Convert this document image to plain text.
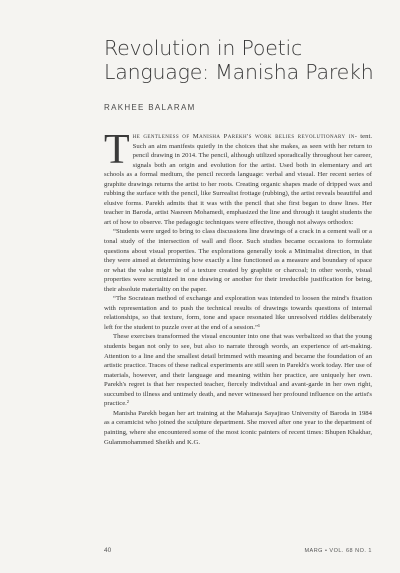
Revolution in Poetic Language: Manisha Parekh
RAKHEE BALARAM

T he gentleness of Manisha Parekh's work belies revolutionary in- tent. Such an aim manifests quietly in the choices that she makes, as seen with her return to pencil drawing in 2014. The pencil, although utilized sporadically throughout her career, signals both an origin and evolution for the artist. Used both in elementary and art schools as a formal medium, the pencil records language: verbal and visual. Her recent series of graphite drawings returns the artist to her roots. Creating organic shapes made of dripped wax and rubbing the surface with the pencil, like Surrealist frottage (rubbing), the artist reveals beautiful and elusive forms. Parekh admits that it was with the pencil that she first began to draw lines. Her teacher in Baroda, artist Nasreen Mohamedi, emphasized the line and through it taught students the art of how to observe. The pedagogic techniques were effective, though not always orthodox:

“Students were urged to bring to class discussions line drawings of a crack in a cement wall or a tonal study of the intersection of wall and floor. Such studies became occasions to formulate questions about visual properties. The explorations generally took a Minimalist direction, in that they were aimed at determining how exactly a line functioned as a measure and boundary of space or what the value might be of a texture created by graphite or charcoal; in other words, visual properties were scrutinized in one drawing or another for their irreducible justification for being, their absolute materiality on the paper.

“The Socratean method of exchange and exploration was intended to loosen the mind's fixation with representation and to push the technical results of drawings towards questions of internal relationships, so that texture, form, tone and space resonated like unresolved riddles deliberately left for the student to puzzle over at the end of a session.”¹

These exercises transformed the visual encounter into one that was verbalized so that the young students began not only to see, but also to narrate through words, an experience of art-making. Attention to a line and the smallest detail brimmed with meaning and became the foundation of an artistic practice. Traces of these radical experiments are still seen in Parekh's work today. Her use of materials, however, and their language and meaning within her practice, are uniquely her own. Parekh's regret is that her respected teacher, fiercely individual and avant-garde in her own right, succumbed to illness and untimely death, and never witnessed her profound influence on the artist's practice.²

Manisha Parekh began her art training at the Maharaja Sayajirao University of Baroda in 1984 as a ceramicist who joined the sculpture department. She moved after one year to the department of painting, where she encountered some of the most iconic painters of recent times: Bhupen Khakhar, Gulammohammed Sheikh and K.G.

40	MARG • VOL. 68 NO. 1
